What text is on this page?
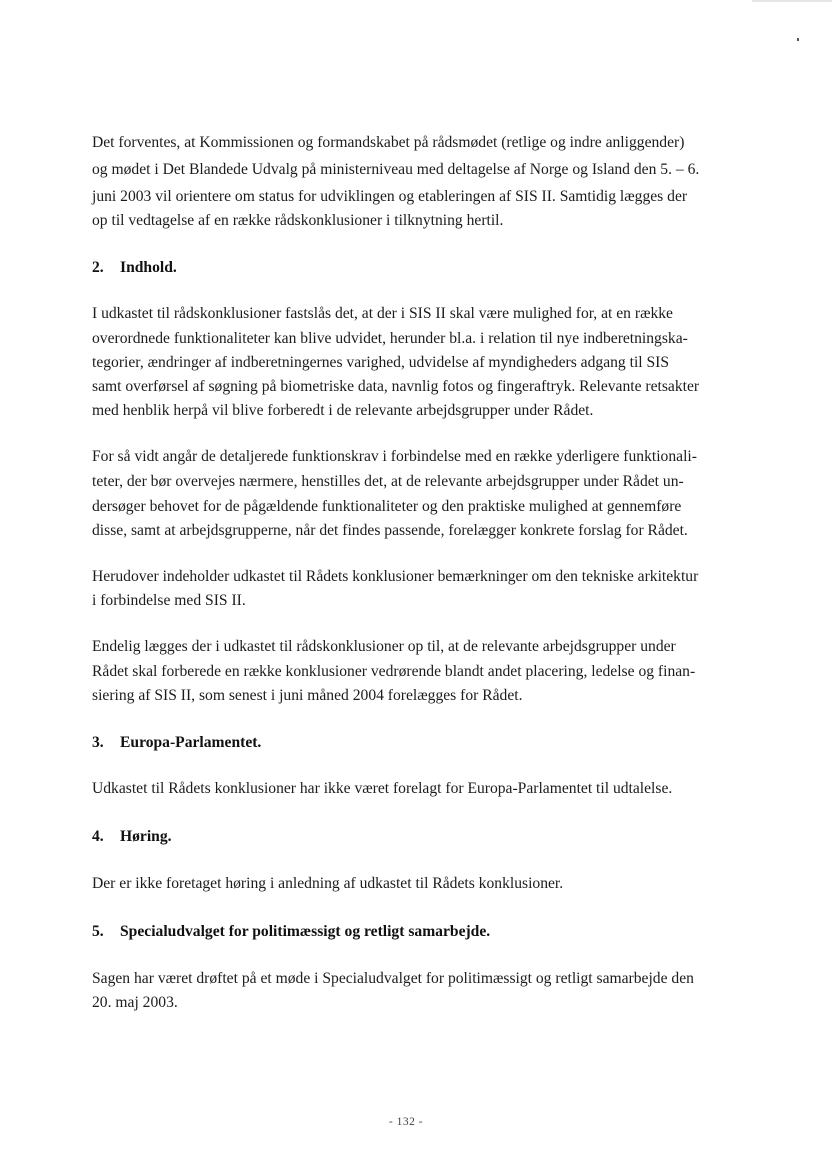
Det forventes, at Kommissionen og formandskabet på rådsmødet (retlige og indre anliggender)
og mødet i Det Blandede Udvalg på ministerniveau med deltagelse af Norge og Island den 5. – 6.
juni 2003 vil orientere om status for udviklingen og etableringen af SIS II. Samtidig lægges der
op til vedtagelse af en række rådskonklusioner i tilknytning hertil.
2. Indhold.
I udkastet til rådskonklusioner fastslås det, at der i SIS II skal være mulighed for, at en række
overordnede funktionaliteter kan blive udvidet, herunder bl.a. i relation til nye indberetningska-
tegorier, ændringer af indberetningernes varighed, udvidelse af myndigheders adgang til SIS
samt overførsel af søgning på biometriske data, navnlig fotos og fingeraftryk. Relevante retsakter
med henblik herpå vil blive forberedt i de relevante arbejdsgrupper under Rådet.
For så vidt angår de detaljerede funktionskrav i forbindelse med en række yderligere funktionali-
teter, der bør overvejes nærmere, henstilles det, at de relevante arbejdsgrupper under Rådet un-
dersøger behovet for de pågældende funktionaliteter og den praktiske mulighed at gennemføre
disse, samt at arbejdsgrupperne, når det findes passende, forelægger konkrete forslag for Rådet.
Herudover indeholder udkastet til Rådets konklusioner bemærkninger om den tekniske arkitektur
i forbindelse med SIS II.
Endelig lægges der i udkastet til rådskonklusioner op til, at de relevante arbejdsgrupper under
Rådet skal forberede en række konklusioner vedrørende blandt andet placering, ledelse og finan-
siering af SIS II, som senest i juni måned 2004 forelægges for Rådet.
3. Europa-Parlamentet.
Udkastet til Rådets konklusioner har ikke været forelagt for Europa-Parlamentet til udtalelse.
4. Høring.
Der er ikke foretaget høring i anledning af udkastet til Rådets konklusioner.
5. Specialudvalget for politimæssigt og retligt samarbejde.
Sagen har været drøftet på et møde i Specialudvalget for politimæssigt og retligt samarbejde den
20. maj 2003.
- 132 -
